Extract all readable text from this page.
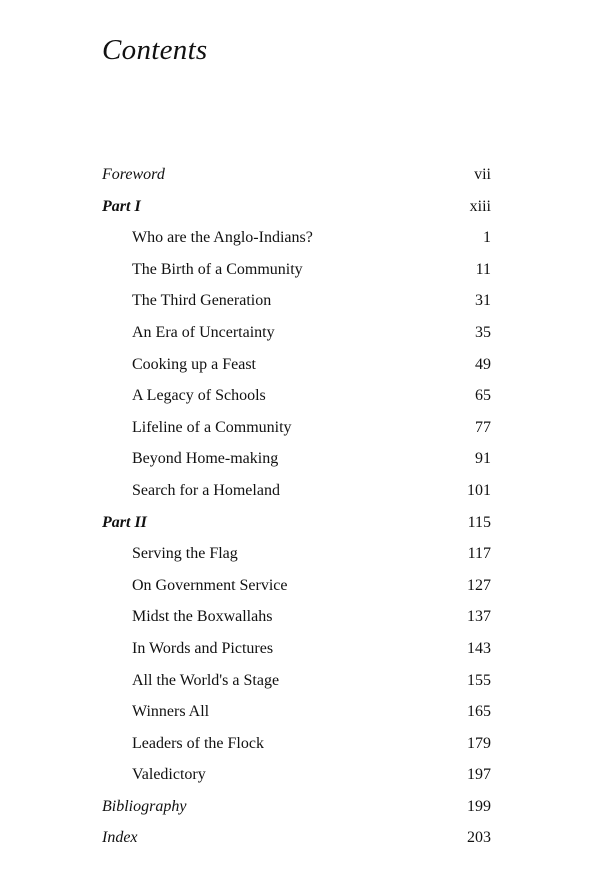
Contents
Foreword	vii
Part I	xiii
Who are the Anglo-Indians?	1
The Birth of a Community	11
The Third Generation	31
An Era of Uncertainty	35
Cooking up a Feast	49
A Legacy of Schools	65
Lifeline of a Community	77
Beyond Home-making	91
Search for a Homeland	101
Part II	115
Serving the Flag	117
On Government Service	127
Midst the Boxwallahs	137
In Words and Pictures	143
All the World's a Stage	155
Winners All	165
Leaders of the Flock	179
Valedictory	197
Bibliography	199
Index	203
